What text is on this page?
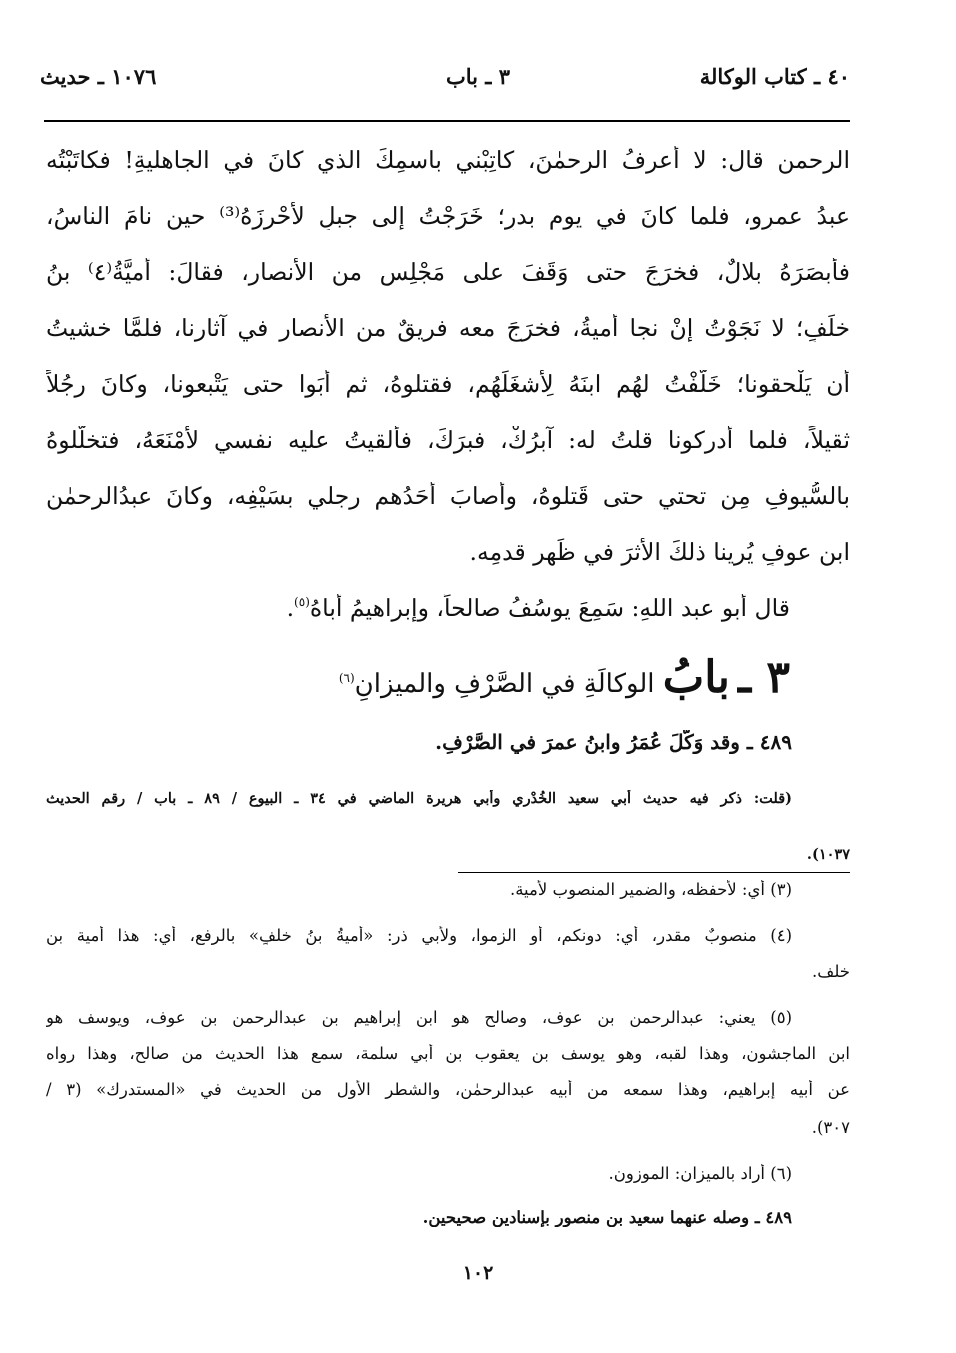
٤٠ ـ كتاب الوكالة
٣ ـ باب
١٠٧٦ ـ حديث
الرحمن قال: لا أعرفُ الرحمٰنَ، كاتِبْني باسمِكَ الذي كانَ في الجاهليةِ! فكاتَبْتُه
عبدُ عمرٍو، فلما كانَ في يومِ بدرٍ؛ خَرَجْتُ إلى جبلٍ لأُحْرِزَهُ⁽³⁾ حين نامَ الناسُ،
فأبصَرَهُ بلالٌ، فخرَجَ حتى وَقَفَ على مَجْلِسٍ من الأنصارِ، فقالَ: أميَّةُ⁽٤⁾ بنُ
خلَفٍ؛ لا نَجَوْتُ إنْ نجا أميةُ، فخرَجَ معه فريقٌ من الأنصارِ في آثارِنا، فلمَّا خشيتُ
أن يَلْحقونا؛ خَلَّفْتُ لهُم ابنَهُ لِأشغَلَهُم، فقتلوهُ، ثم أبَوا حتى يَتْبعونا، وكانَ رجُلاً
ثقيلاً، فلما أدركونا قلتُ له: آبرُكْ، فبرَكَ، فألقيتُ عليه نفسي لأمْنَعَهُ، فتخلَّلوهُ
بالسُّيوفِ مِن تحتي حتى قَتلوهُ، وأصابَ أحَدُهم رِجلي بسَيْفِه، وكانَ عبدُالرحمٰن
ابن عوفٍ يُرينا ذلكَ الأثرَ في ظَهرِ قدمِه.
قال أبو عبد اللهِ: سَمِعَ يوسُفُ صالحاً، وإبراهيمُ أباهُ$^{(٥)}$.
٣ ـ بابُ الوكالَةِ في الصَّرْفِ والميزانِ$^{(٦)}$
٤٨٩ ـ وقد وَكَّلَ عُمَرُ وابنُ عمرَ في الصَّرْفِ.
(قلت: ذكر فيه حديث أبي سعيد الخُدْري وأبي هريرة الماضي في ٣٤ ـ البيوع / ٨٩ ـ باب / رقم الحديث
١٠٣٧).
(٣) أي: لأحفظه، والضمير المنصوب لأمية.
(٤) منصوبٌ مقدرٍ، أي: دونكم، أو الزموا، ولأبي ذر: «أميةُ بنُ خلفٍ» بالرفع، أي: هذا أمية بن
خلف.
(٥) يعني: عبدالرحمن بن عوف، وصالح هو ابن إبراهيم بن عبدالرحمن بن عوف، ويوسف هو
ابن الماجشون، وهذا لقبه، وهو يوسف بن يعقوب بن أبي سلمة، سمع هذا الحديث من صالح، وهذا رواه
عن أبيه إبراهيم، وهذا سمعه من أبيه عبدالرحمٰن، والشطر الأول من الحديث في «المستدرك» (٣ /
٣٠٧).
(٦) أراد بالميزان: الموزون.
٤٨٩ ـ وصله عنهما سعيد بن منصور بإسنادين صحيحين.
١٠٢
